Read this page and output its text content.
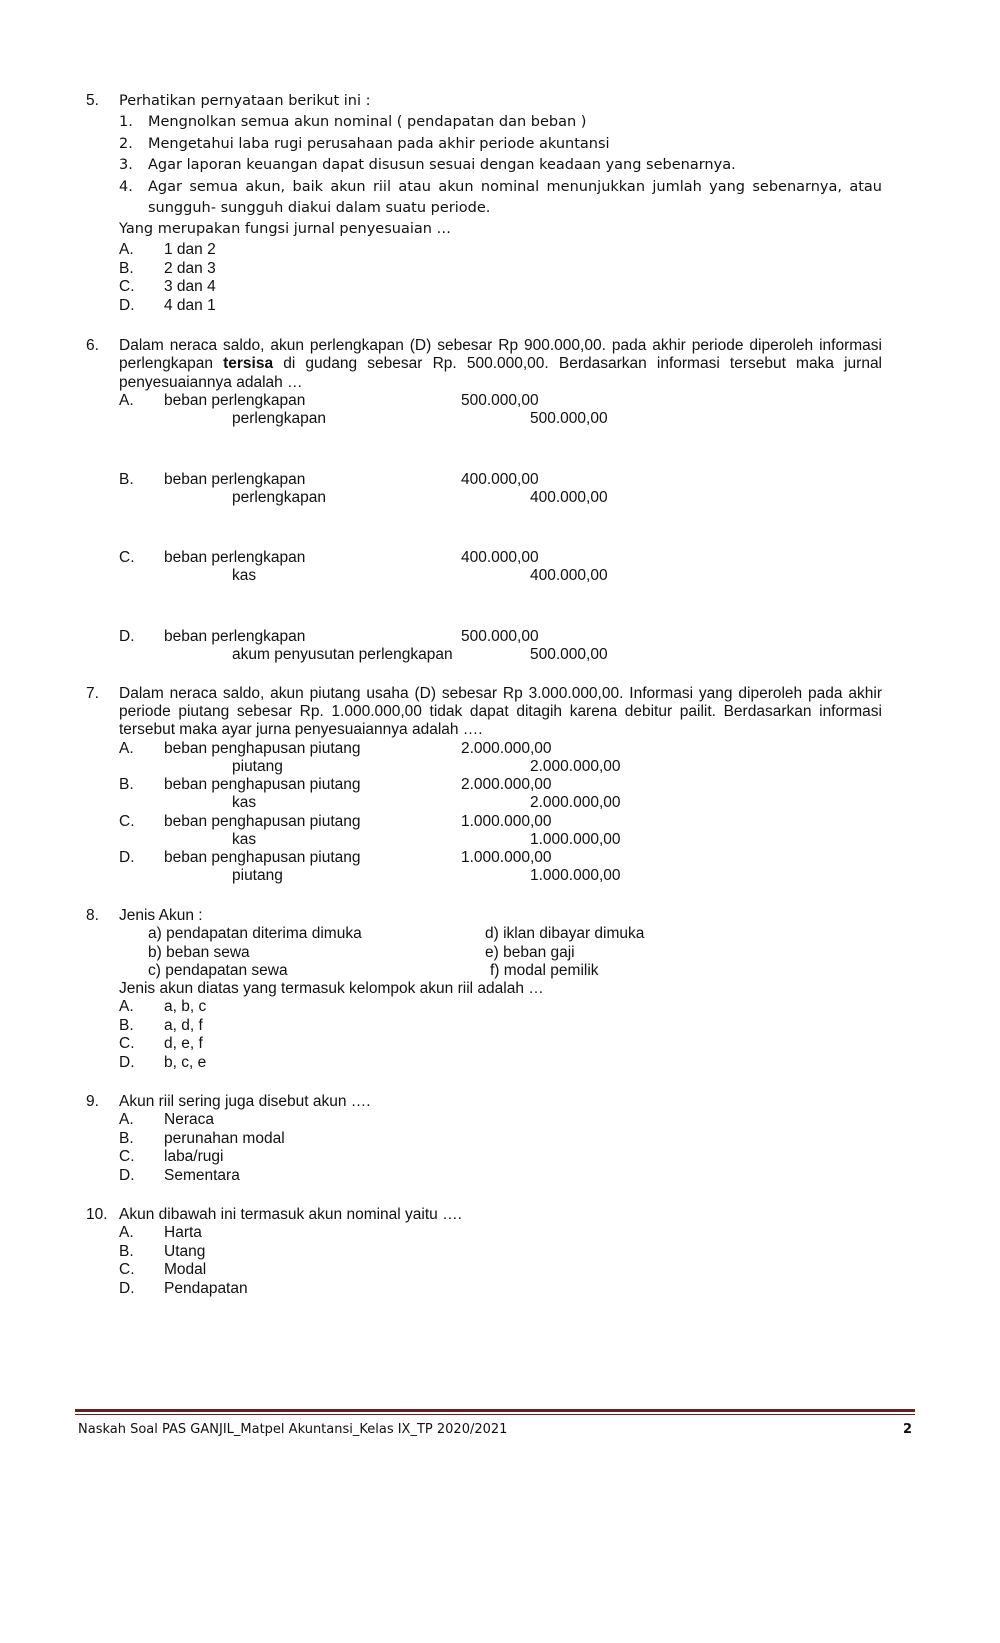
5. Perhatikan pernyataan berikut ini :
1. Mengnolkan semua akun nominal ( pendapatan dan beban )
2. Mengetahui laba rugi perusahaan pada akhir periode akuntansi
3. Agar laporan keuangan dapat disusun sesuai dengan keadaan yang sebenarnya.
4. Agar semua akun, baik akun riil atau akun nominal menunjukkan jumlah yang sebenarnya, atau
sungguh- sungguh diakui dalam suatu periode.
Yang merupakan fungsi jurnal penyesuaian …
A. 1 dan 2
B. 2 dan 3
C. 3 dan 4
D. 4 dan 1
6. Dalam neraca saldo, akun perlengkapan (D) sebesar Rp 900.000,00. pada akhir periode diperoleh informasi
perlengkapan tersisa di gudang sebesar Rp. 500.000,00. Berdasarkan informasi tersebut maka jurnal
penyesuaiannya adalah …
A. beban perlengkapan	500.000,00
perlengkapan	500.000,00
B. beban perlengkapan	400.000,00
perlengkapan	400.000,00
C. beban perlengkapan	400.000,00
kas	400.000,00
D. beban perlengkapan	500.000,00
akum penyusutan perlengkapan	500.000,00
7. Dalam neraca saldo, akun piutang usaha (D) sebesar Rp 3.000.000,00. Informasi yang diperoleh pada akhir
periode piutang sebesar Rp. 1.000.000,00 tidak dapat ditagih karena debitur pailit. Berdasarkan informasi
tersebut maka ayar jurna penyesuaiannya adalah ….
A. beban penghapusan piutang	2.000.000,00
piutang	2.000.000,00
B. beban penghapusan piutang	2.000.000,00
kas	2.000.000,00
C. beban penghapusan piutang	1.000.000,00
kas	1.000.000,00
D. beban penghapusan piutang	1.000.000,00
piutang	1.000.000,00
8. Jenis Akun :
a) pendapatan diterima dimuka	d) iklan dibayar dimuka
b) beban sewa	e) beban gaji
c) pendapatan sewa	f) modal pemilik
Jenis akun diatas yang termasuk kelompok akun riil adalah …
A. a, b, c
B. a, d, f
C. d, e, f
D. b, c, e
9. Akun riil sering juga disebut akun ….
A. Neraca
B. perunahan modal
C. laba/rugi
D. Sementara
10. Akun dibawah ini termasuk akun nominal yaitu ….
A. Harta
B. Utang
C. Modal
D. Pendapatan
Naskah Soal PAS GANJIL_Matpel Akuntansi_Kelas IX_TP 2020/2021	2
